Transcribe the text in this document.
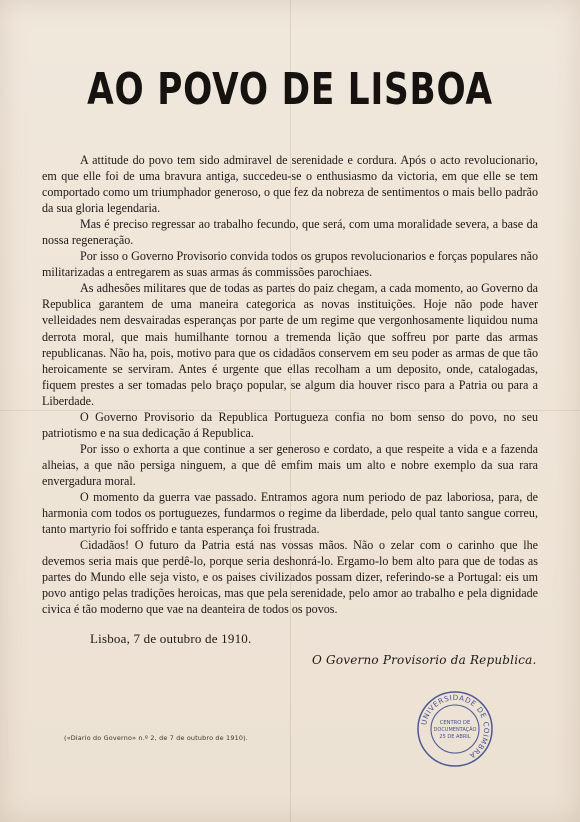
AO POVO DE LISBOA

A attitude do povo tem sido admiravel de serenidade e cordura. Após o acto revolucionario, em que elle foi de uma bravura antiga, succedeu-se o enthusiasmo da victoria, em que elle se tem comportado como um triumphador generoso, o que fez da nobreza de sentimentos o mais bello padrão da sua gloria legendaria.

Mas é preciso regressar ao trabalho fecundo, que será, com uma moralidade severa, a base da nossa regeneração.

Por isso o Governo Provisorio convida todos os grupos revolucionarios e forças populares não militarizadas a entregarem as suas armas ás commissões parochiaes.

As adhesões militares que de todas as partes do paiz chegam, a cada momento, ao Governo da Republica garantem de uma maneira categorica as novas instituições. Hoje não pode haver velleidades nem desvairadas esperanças por parte de um regime que vergonhosamente liquidou numa derrota moral, que mais humilhante tornou a tremenda lição que soffreu por parte das armas republicanas. Não ha, pois, motivo para que os cidadãos conservem em seu poder as armas de que tão heroicamente se serviram. Antes é urgente que ellas recolham a um deposito, onde, catalogadas, fiquem prestes a ser tomadas pelo braço popular, se algum dia houver risco para a Patria ou para a Liberdade.

O Governo Provisorio da Republica Portugueza confia no bom senso do povo, no seu patriotismo e na sua dedicação á Republica.

Por isso o exhorta a que continue a ser generoso e cordato, a que respeite a vida e a fazenda alheias, a que não persiga ninguem, a que dê emfim mais um alto e nobre exemplo da sua rara envergadura moral.

O momento da guerra vae passado. Entramos agora num periodo de paz laboriosa, para, de harmonia com todos os portuguezes, fundarmos o regime da liberdade, pelo qual tanto sangue correu, tanto martyrio foi soffrido e tanta esperança foi frustrada.

Cidadãos! O futuro da Patria está nas vossas mãos. Não o zelar com o carinho que lhe devemos seria mais que perdê-lo, porque seria deshonrá-lo. Ergamo-lo bem alto para que de todas as partes do Mundo elle seja visto, e os paises civilizados possam dizer, referindo-se a Portugal: eis um povo antigo pelas tradições heroicas, mas que pela serenidade, pelo amor ao trabalho e pela dignidade civica é tão moderno que vae na deanteira de todos os povos.

Lisboa, 7 de outubro de 1910.
O Governo Provisorio da Republica.
(«Diario do Governo» n.º 2, de 7 de outubro de 1910).
UNIVERSIDADE DE COIMBRA
CENTRO DE
DOCUMENTAÇÃO
25 DE ABRIL
